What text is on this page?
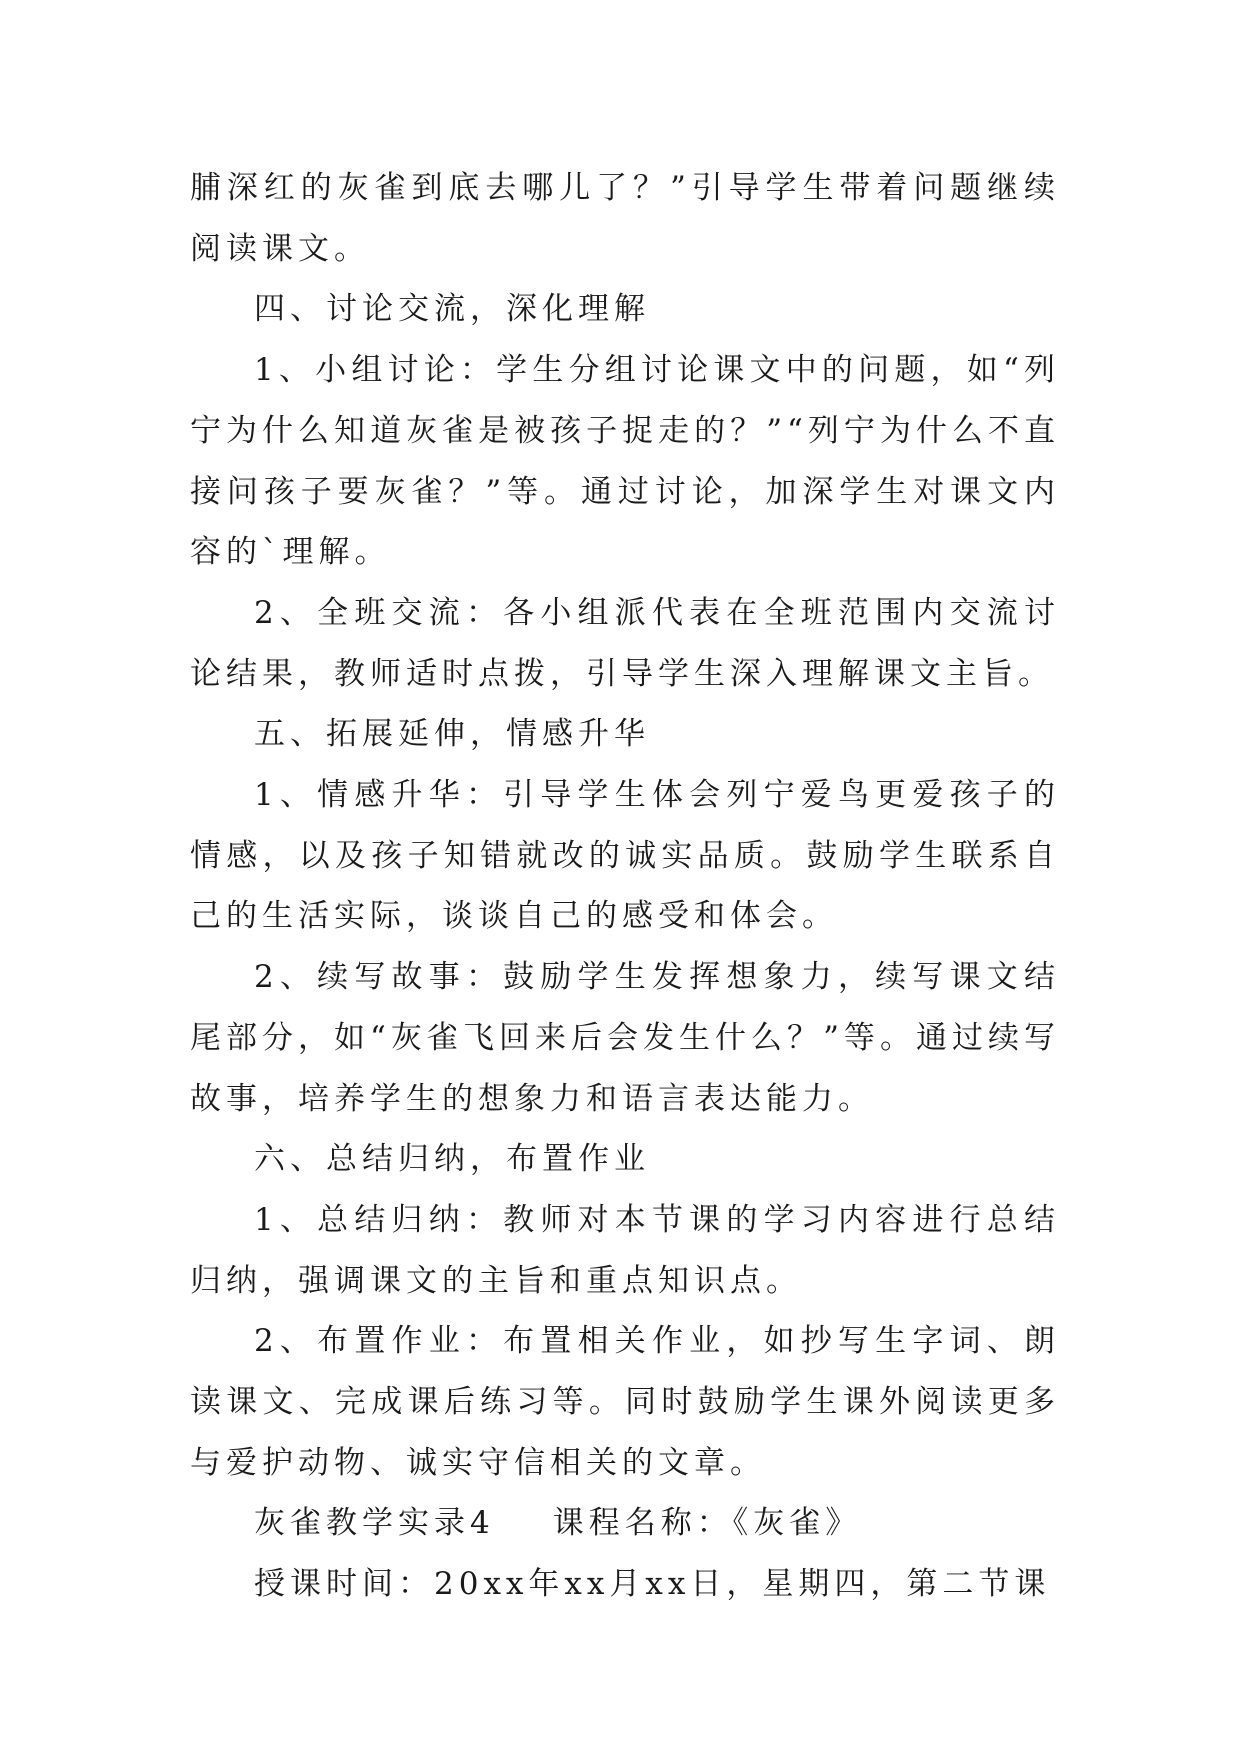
脯深红的灰雀到底去哪儿了？”引导学生带着问题继续阅读课文。

四、讨论交流，深化理解

1、小组讨论：学生分组讨论课文中的问题，如“列宁为什么知道灰雀是被孩子捉走的？”“列宁为什么不直接问孩子要灰雀？”等。通过讨论，加深学生对课文内容的`理解。

2、全班交流：各小组派代表在全班范围内交流讨论结果，教师适时点拨，引导学生深入理解课文主旨。

五、拓展延伸，情感升华

1、情感升华：引导学生体会列宁爱鸟更爱孩子的情感，以及孩子知错就改的诚实品质。鼓励学生联系自己的生活实际，谈谈自己的感受和体会。

2、续写故事：鼓励学生发挥想象力，续写课文结尾部分，如“灰雀飞回来后会发生什么？”等。通过续写故事，培养学生的想象力和语言表达能力。

六、总结归纳，布置作业

1、总结归纳：教师对本节课的学习内容进行总结归纳，强调课文的主旨和重点知识点。

2、布置作业：布置相关作业，如抄写生字词、朗读课文、完成课后练习等。同时鼓励学生课外阅读更多与爱护动物、诚实守信相关的文章。

灰雀教学实录4 课程名称：《灰雀》

授课时间：20xx年xx月xx日，星期四，第二节课
